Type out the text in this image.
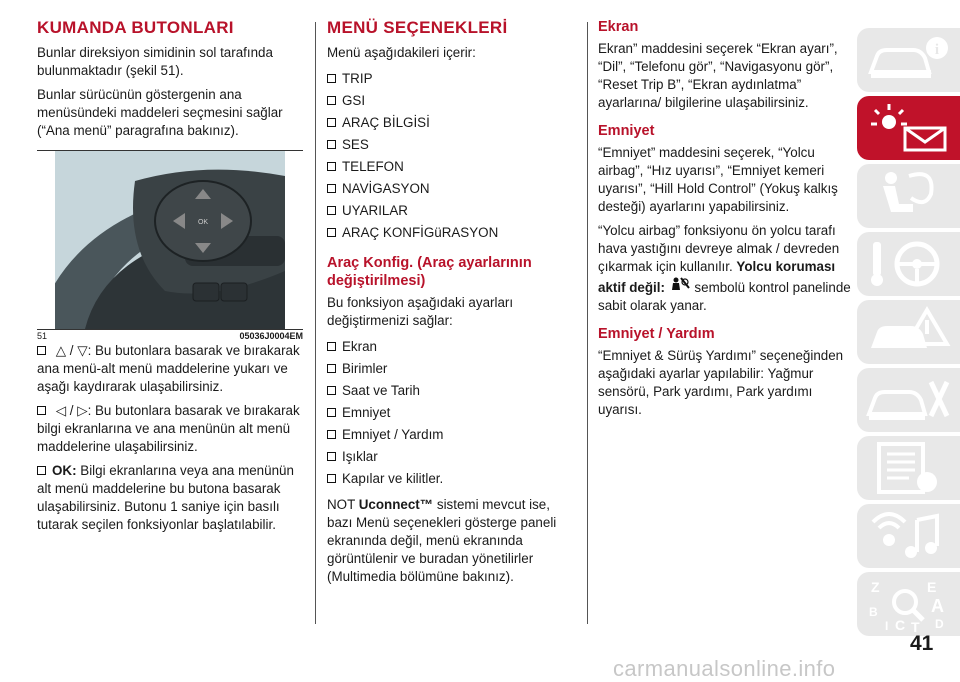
KUMANDA BUTONLARI

Bunlar direksiyon simidinin sol tarafında bulunmaktadır (şekil 51).

Bunlar sürücünün göstergenin ana menüsündeki maddeleri seçmesini sağlar (“Ana menü” paragrafına bakınız).

OK
51	05036J0004EM

△ / ▽: Bu butonlara basarak ve bırakarak ana menü-alt menü maddelerine yukarı ve aşağı kaydırarak ulaşabilirsiniz.

◁ / ▷: Bu butonlara basarak ve bırakarak bilgi ekranlarına ve ana menünün alt menü maddelerine ulaşabilirsiniz.

OK: Bilgi ekranlarına veya ana menünün alt menü maddelerine bu butona basarak ulaşabilirsiniz. Butonu 1 saniye için basılı tutarak seçilen fonksiyonlar başlatılabilir.

MENÜ SEÇENEKLERİ

Menü aşağıdakileri içerir:

TRIP
GSI
ARAÇ BİLGİSİ
SES
TELEFON
NAVİGASYON
UYARILAR
ARAÇ KONFİGüRASYON
Araç Konfig. (Araç ayarlarının değiştirilmesi)

Bu fonksiyon aşağıdaki ayarları değiştirmenizi sağlar:

Ekran
Birimler
Saat ve Tarih
Emniyet
Emniyet / Yardım
Işıklar
Kapılar ve kilitler.

NOT Uconnect™ sistemi mevcut ise, bazı Menü seçenekleri gösterge paneli ekranında değil, menü ekranında görüntülenir ve buradan yönetilirler (Multimedia bölümüne bakınız).

Ekran

Ekran” maddesini seçerek “Ekran ayarı”, “Dil”, “Telefonu gör”, “Navigasyonu gör”, “Reset Trip B”, “Ekran aydınlatma” ayarlarına/ bilgilerine ulaşabilirsiniz.

Emniyet

“Emniyet” maddesini seçerek, “Yolcu airbag”, “Hız uyarısı”, “Emniyet kemeri uyarısı”, “Hill Hold Control” (Yokuş kalkış desteği) ayarlarını yapabilirsiniz.

“Yolcu airbag” fonksiyonu ön yolcu tarafı hava yastığını devreye almak / devreden çıkarmak için kullanılır. Yolcu koruması aktif değil:  sembolü kontrol panelinde sabit olarak yanar.

Emniyet / Yardım

“Emniyet & Sürüş Yardımı” seçeneğinden aşağıdaki ayarlar yapılabilir: Yağmur sensörü, Park yardımı, Park yardımı uyarısı.

i
Z	E
B	A
D
I C T
41
carmanualsonline.info
